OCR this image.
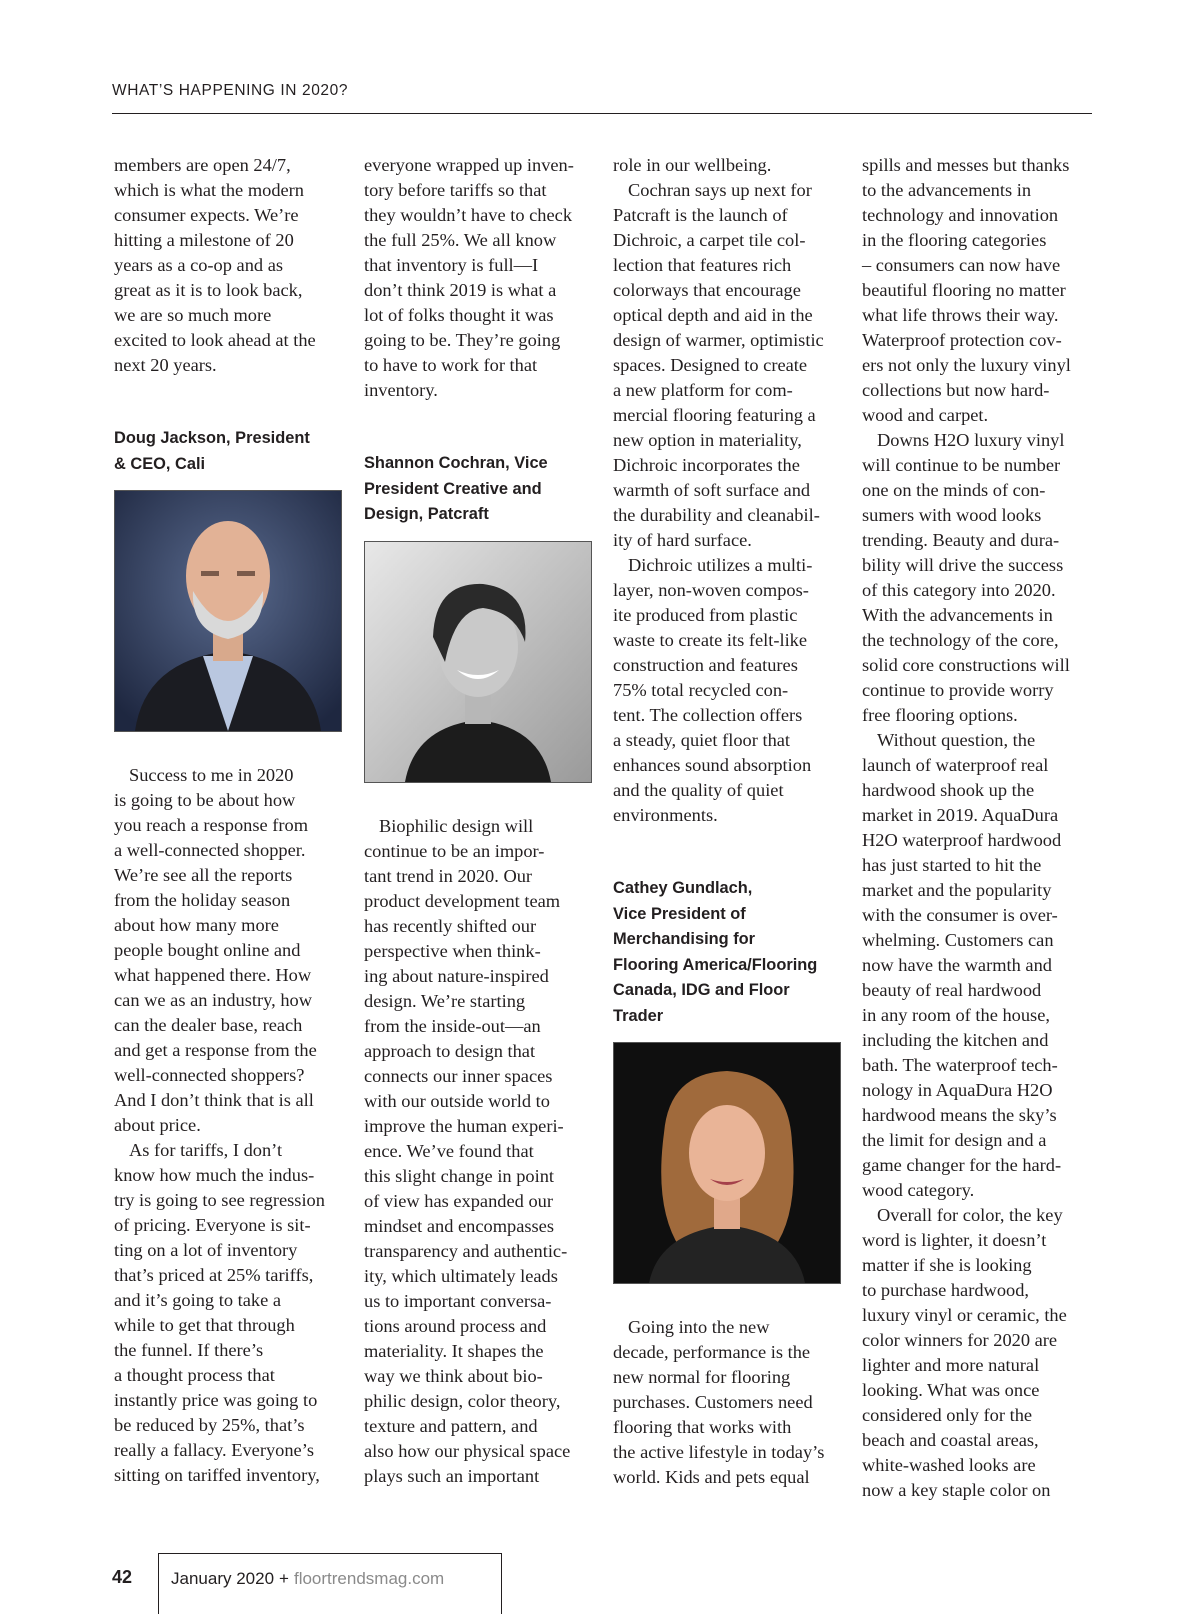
WHAT’S HAPPENING IN 2020?

members are open 24/7,

which is what the modern

consumer expects. We’re

hitting a milestone of 20

years as a co-op and as

great as it is to look back,

we are so much more

excited to look ahead at the

next 20 years.

Doug Jackson, President
& CEO, Cali

Success to me in 2020

is going to be about how

you reach a response from

a well-connected shopper.

We’re see all the reports

from the holiday season

about how many more

people bought online and

what happened there. How

can we as an industry, how

can the dealer base, reach

and get a response from the

well-connected shoppers?

And I don’t think that is all

about price.

As for tariffs, I don’t

know how much the indus-

try is going to see regression

of pricing. Everyone is sit-

ting on a lot of inventory

that’s priced at 25% tariffs,

and it’s going to take a

while to get that through

the funnel. If there’s

a thought process that

instantly price was going to

be reduced by 25%, that’s

really a fallacy. Everyone’s

sitting on tariffed inventory,

everyone wrapped up inven-

tory before tariffs so that

they wouldn’t have to check

the full 25%. We all know

that inventory is full—I

don’t think 2019 is what a

lot of folks thought it was

going to be. They’re going

to have to work for that

inventory.

Shannon Cochran, Vice
President Creative and
Design, Patcraft

Biophilic design will

continue to be an impor-

tant trend in 2020. Our

product development team

has recently shifted our

perspective when think-

ing about nature-inspired

design. We’re starting

from the inside-out—an

approach to design that

connects our inner spaces

with our outside world to

improve the human experi-

ence. We’ve found that

this slight change in point

of view has expanded our

mindset and encompasses

transparency and authentic-

ity, which ultimately leads

us to important conversa-

tions around process and

materiality. It shapes the

way we think about bio-

philic design, color theory,

texture and pattern, and

also how our physical space

plays such an important

role in our wellbeing.

Cochran says up next for

Patcraft is the launch of

Dichroic, a carpet tile col-

lection that features rich

colorways that encourage

optical depth and aid in the

design of warmer, optimistic

spaces. Designed to create

a new platform for com-

mercial flooring featuring a

new option in materiality,

Dichroic incorporates the

warmth of soft surface and

the durability and cleanabil-

ity of hard surface.

Dichroic utilizes a multi-

layer, non-woven compos-

ite produced from plastic

waste to create its felt-like

construction and features

75% total recycled con-

tent. The collection offers

a steady, quiet floor that

enhances sound absorption

and the quality of quiet

environments.

Cathey Gundlach,
Vice President of
Merchandising for
Flooring America/Flooring
Canada, IDG and Floor
Trader

Going into the new

decade, performance is the

new normal for flooring

purchases. Customers need

flooring that works with

the active lifestyle in today’s

world. Kids and pets equal

spills and messes but thanks

to the advancements in

technology and innovation

in the flooring categories

– consumers can now have

beautiful flooring no matter

what life throws their way.

Waterproof protection cov-

ers not only the luxury vinyl

collections but now hard-

wood and carpet.

Downs H2O luxury vinyl

will continue to be number

one on the minds of con-

sumers with wood looks

trending. Beauty and dura-

bility will drive the success

of this category into 2020.

With the advancements in

the technology of the core,

solid core constructions will

continue to provide worry

free flooring options.

Without question, the

launch of waterproof real

hardwood shook up the

market in 2019. AquaDura

H2O waterproof hardwood

has just started to hit the

market and the popularity

with the consumer is over-

whelming. Customers can

now have the warmth and

beauty of real hardwood

in any room of the house,

including the kitchen and

bath. The waterproof tech-

nology in AquaDura H2O

hardwood means the sky’s

the limit for design and a

game changer for the hard-

wood category.

Overall for color, the key

word is lighter, it doesn’t

matter if she is looking

to purchase hardwood,

luxury vinyl or ceramic, the

color winners for 2020 are

lighter and more natural

looking. What was once

considered only for the

beach and coastal areas,

white-washed looks are

now a key staple color on

42 January 2020 + floortrendsmag.com
